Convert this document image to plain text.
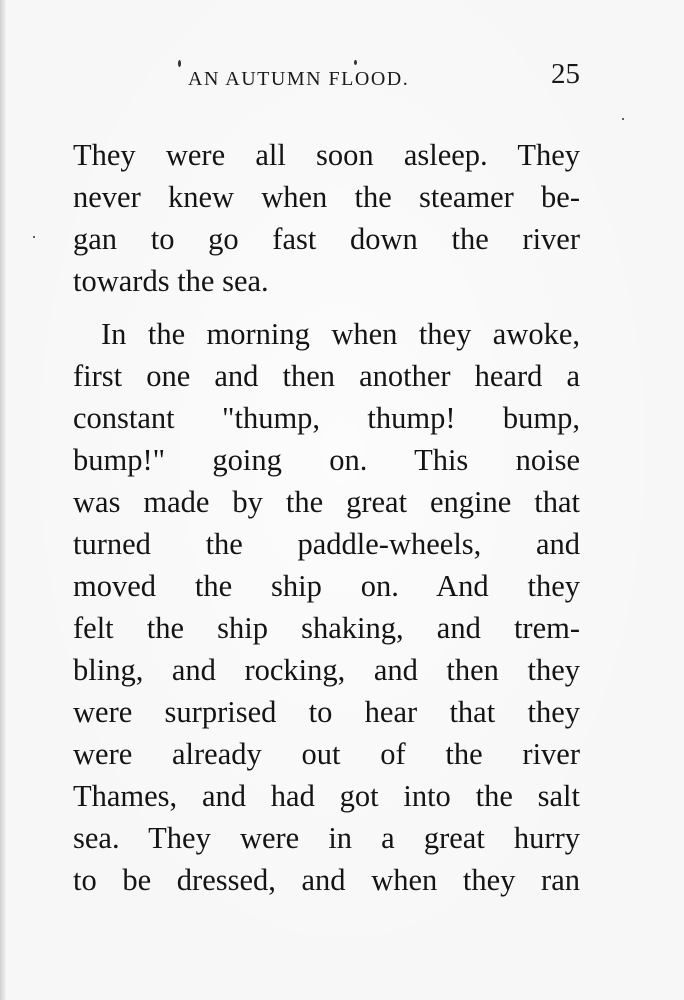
AN AUTUMN FLOOD.	25
They were all soon asleep. They
never knew when the steamer be-
gan to go fast down the river
towards the sea.
In the morning when they awoke,
first one and then another heard a
constant "thump, thump! bump,
bump!" going on. This noise
was made by the great engine that
turned the paddle-wheels, and
moved the ship on. And they
felt the ship shaking, and trem-
bling, and rocking, and then they
were surprised to hear that they
were already out of the river
Thames, and had got into the salt
sea. They were in a great hurry
to be dressed, and when they ran
